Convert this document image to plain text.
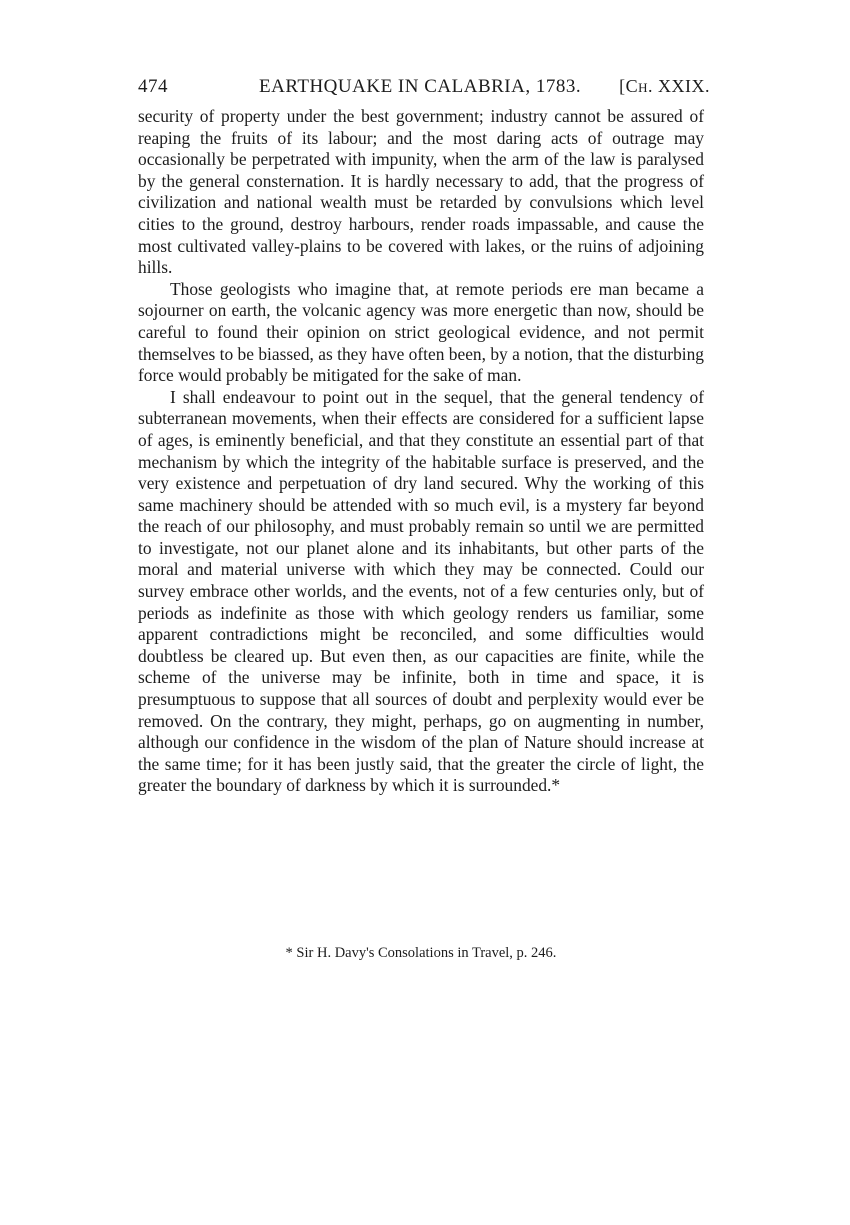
474	EARTHQUAKE IN CALABRIA, 1783. [Ch. XXIX.

security of property under the best government; industry cannot be assured of reaping the fruits of its labour; and the most daring acts of outrage may occasionally be perpetrated with impunity, when the arm of the law is paralysed by the general consternation. It is hardly necessary to add, that the progress of civilization and national wealth must be retarded by convulsions which level cities to the ground, destroy harbours, render roads impassable, and cause the most cultivated valley-plains to be covered with lakes, or the ruins of adjoining hills.

Those geologists who imagine that, at remote periods ere man became a sojourner on earth, the volcanic agency was more energetic than now, should be careful to found their opinion on strict geological evidence, and not permit themselves to be biassed, as they have often been, by a notion, that the disturbing force would probably be mitigated for the sake of man.

I shall endeavour to point out in the sequel, that the general tendency of subterranean movements, when their effects are considered for a sufficient lapse of ages, is eminently beneficial, and that they constitute an essential part of that mechanism by which the integrity of the habitable surface is preserved, and the very existence and perpetuation of dry land secured. Why the working of this same machinery should be attended with so much evil, is a mystery far beyond the reach of our philosophy, and must probably remain so until we are permitted to investigate, not our planet alone and its inhabitants, but other parts of the moral and material universe with which they may be connected. Could our survey embrace other worlds, and the events, not of a few centuries only, but of periods as indefinite as those with which geology renders us familiar, some apparent contradictions might be reconciled, and some difficulties would doubtless be cleared up. But even then, as our capacities are finite, while the scheme of the universe may be infinite, both in time and space, it is presumptuous to suppose that all sources of doubt and perplexity would ever be removed. On the contrary, they might, perhaps, go on augmenting in number, although our confidence in the wisdom of the plan of Nature should increase at the same time; for it has been justly said, that the greater the circle of light, the greater the boundary of darkness by which it is surrounded.*

* Sir H. Davy's Consolations in Travel, p. 246.
